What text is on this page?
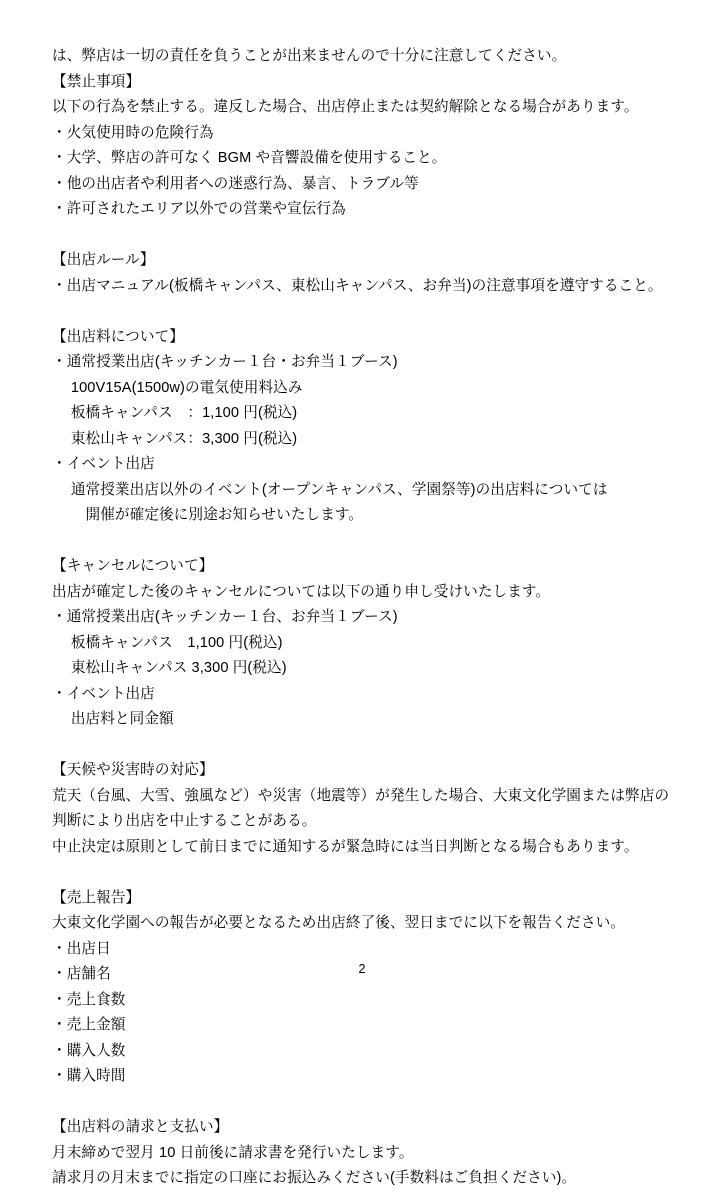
は、弊店は一切の責任を負うことが出来ませんので十分に注意してください。
【禁止事項】
以下の行為を禁止する。違反した場合、出店停止または契約解除となる場合があります。
・火気使用時の危険行為
・大学、弊店の許可なく BGM や音響設備を使用すること。
・他の出店者や利用者への迷惑行為、暴言、トラブル等
・許可されたエリア以外での営業や宣伝行為
【出店ルール】
・出店マニュアル(板橋キャンパス、東松山キャンパス、お弁当)の注意事項を遵守すること。
【出店料について】
・通常授業出店(キッチンカー１台・お弁当１ブース)
　 100V15A(1500w)の電気使用料込み
　 板橋キャンパス　：1,100 円(税込)
　 東松山キャンパス：3,300 円(税込)
・イベント出店
　 通常授業出店以外のイベント(オープンキャンパス、学園祭等)の出店料については
　 　開催が確定後に別途お知らせいたします。
【キャンセルについて】
出店が確定した後のキャンセルについては以下の通り申し受けいたします。
・通常授業出店(キッチンカー１台、お弁当１ブース)
　 板橋キャンパス　1,100 円(税込)
　 東松山キャンパス 3,300 円(税込)
・イベント出店
　 出店料と同金額
【天候や災害時の対応】
荒天（台風、大雪、強風など）や災害（地震等）が発生した場合、大東文化学園または弊店の
判断により出店を中止することがある。
中止決定は原則として前日までに通知するが緊急時には当日判断となる場合もあります。
【売上報告】
大東文化学園への報告が必要となるため出店終了後、翌日までに以下を報告ください。
・出店日
・店舗名
・売上食数
・売上金額
・購入人数
・購入時間
【出店料の請求と支払い】
月末締めで翌月 10 日前後に請求書を発行いたします。
請求月の月末までに指定の口座にお振込みください(手数料はご負担ください)。
2
